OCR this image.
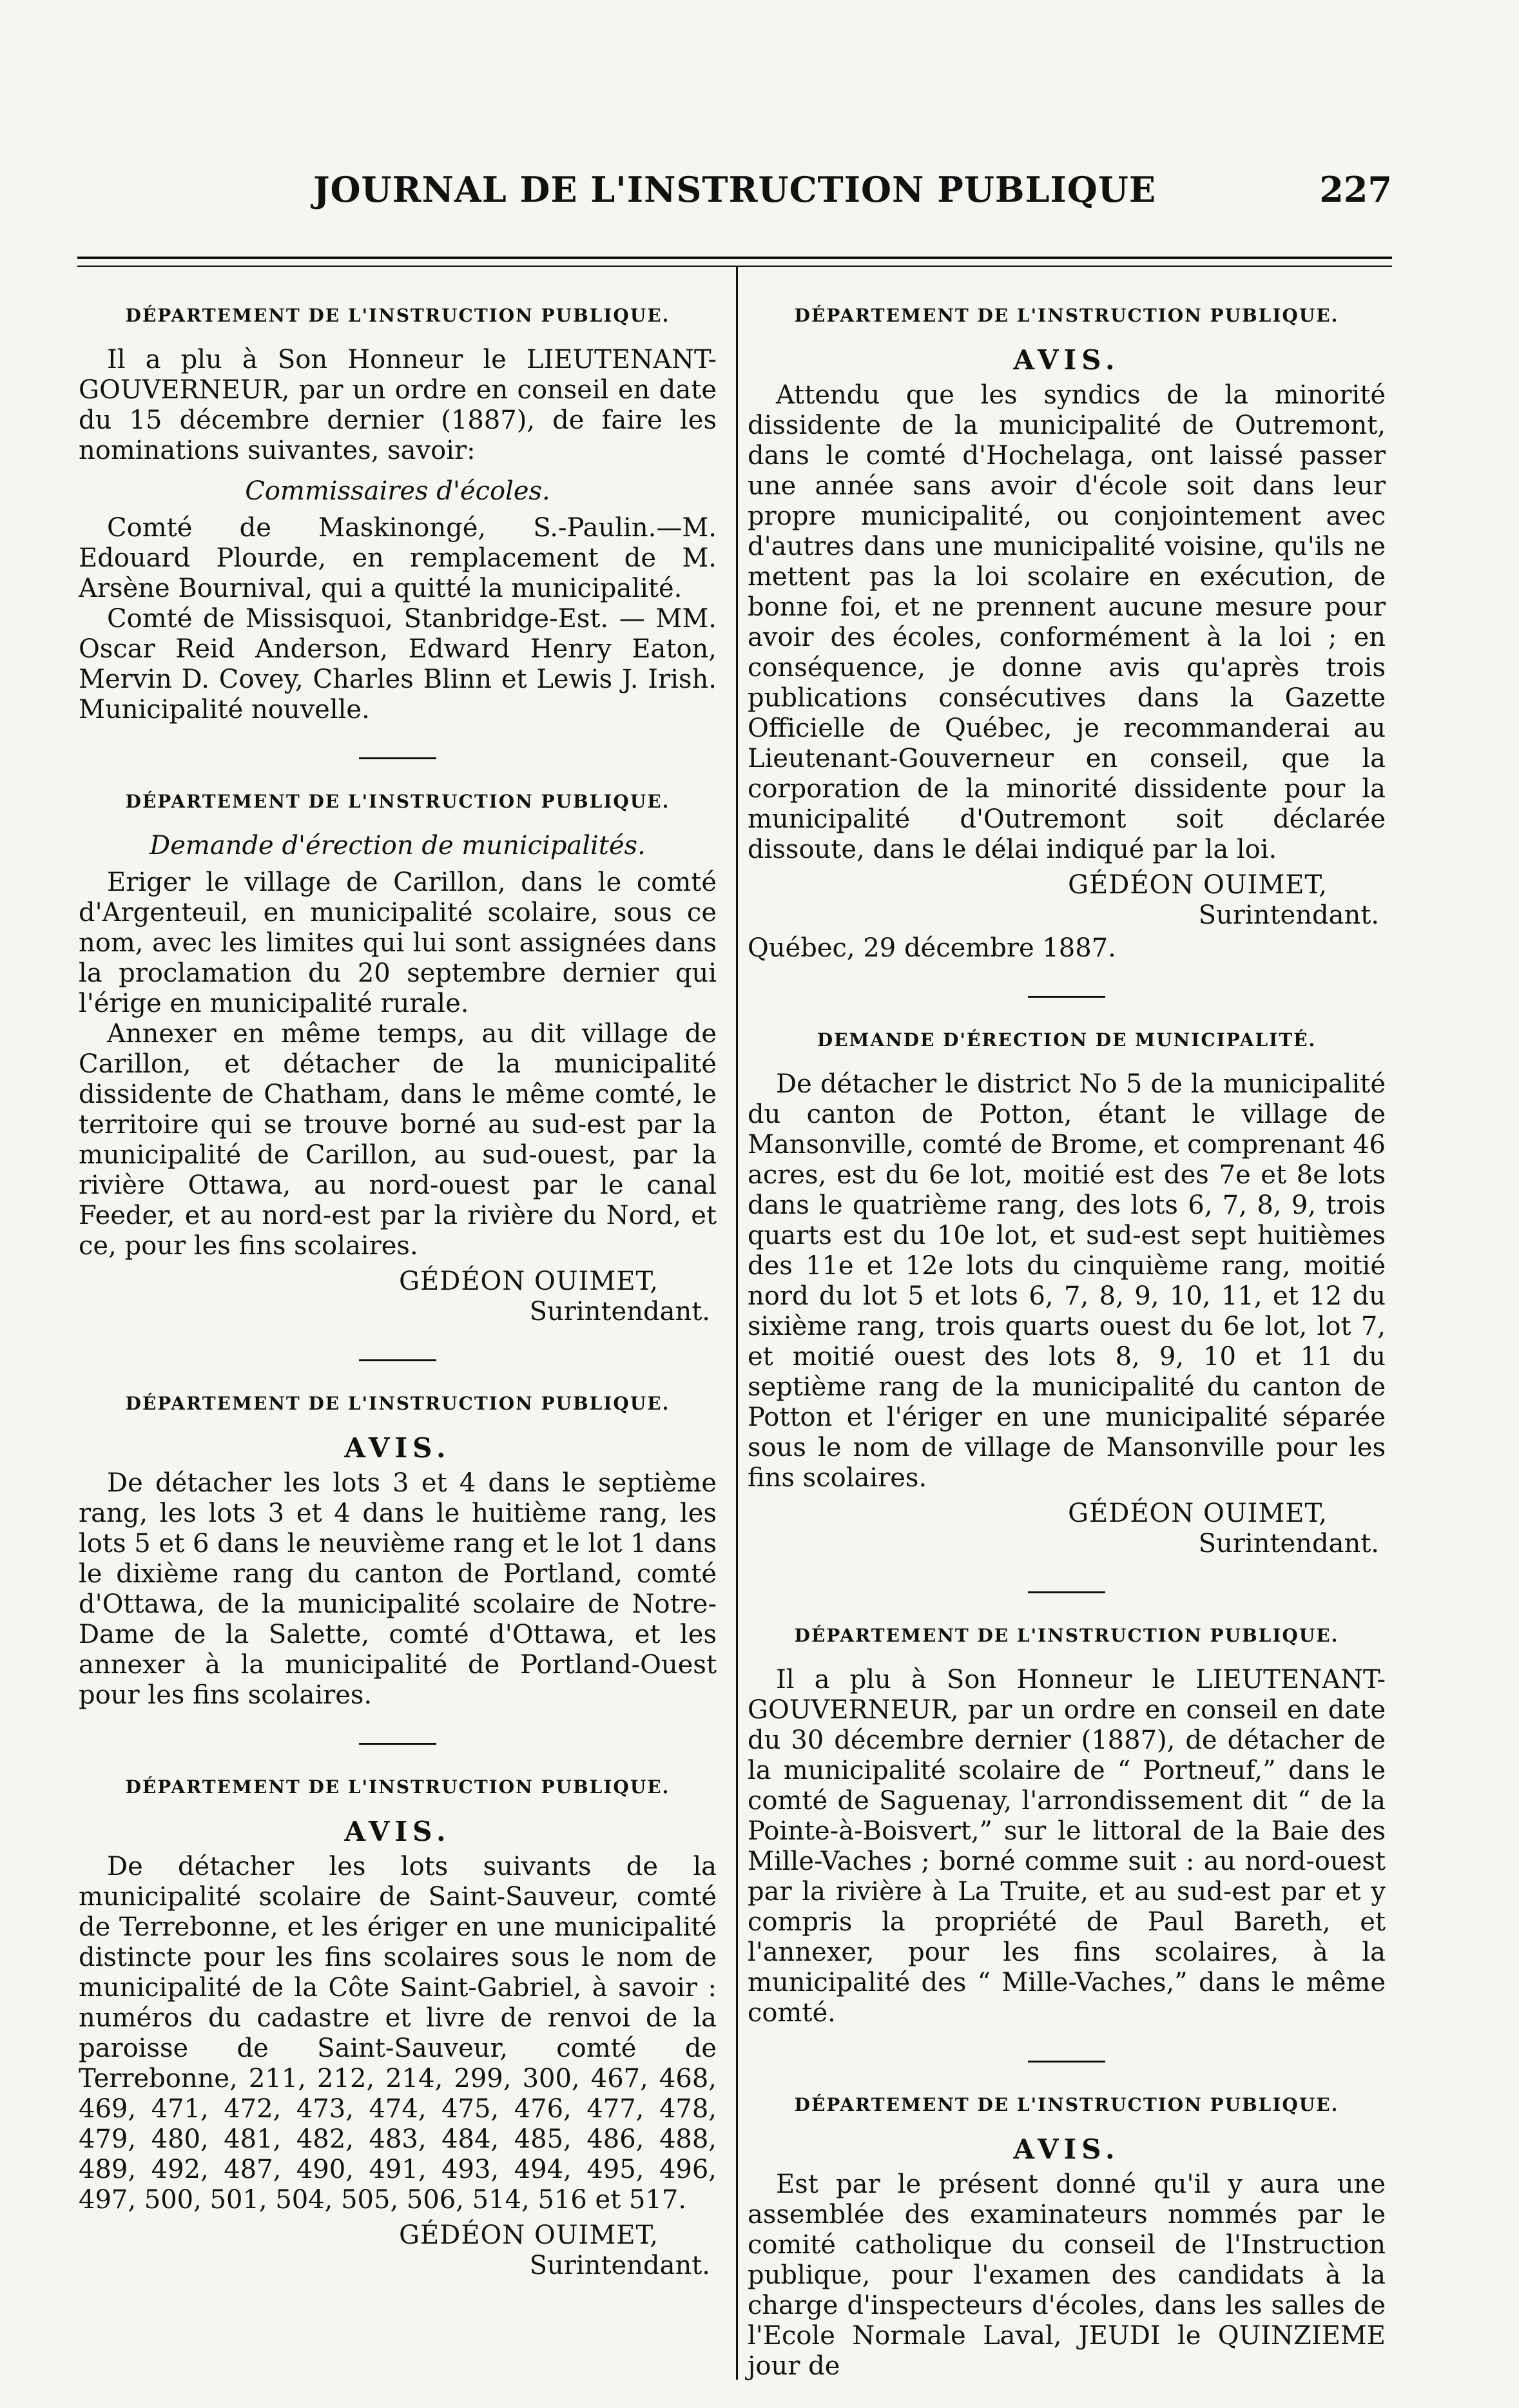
JOURNAL DE L'INSTRUCTION PUBLIQUE	227
DÉPARTEMENT DE L'INSTRUCTION PUBLIQUE.

Il a plu à Son Honneur le LIEUTENANT-GOUVERNEUR, par un ordre en conseil en date du 15 décembre dernier (1887), de faire les nominations suivantes, savoir:

Commissaires d'écoles.

Comté de Maskinongé, S.-Paulin.—M. Edouard Plourde, en remplacement de M. Arsène Bournival, qui a quitté la municipalité.

Comté de Missisquoi, Stanbridge-Est. — MM. Oscar Reid Anderson, Edward Henry Eaton, Mervin D. Covey, Charles Blinn et Lewis J. Irish. Municipalité nouvelle.

DÉPARTEMENT DE L'INSTRUCTION PUBLIQUE.
Demande d'érection de municipalités.

Eriger le village de Carillon, dans le comté d'Argenteuil, en municipalité scolaire, sous ce nom, avec les limites qui lui sont assignées dans la proclamation du 20 septembre dernier qui l'érige en municipalité rurale.

Annexer en même temps, au dit village de Carillon, et détacher de la municipalité dissidente de Chatham, dans le même comté, le territoire qui se trouve borné au sud-est par la municipalité de Carillon, au sud-ouest, par la rivière Ottawa, au nord-ouest par le canal Feeder, et au nord-est par la rivière du Nord, et ce, pour les fins scolaires.

GÉDÉON OUIMET,
Surintendant.
DÉPARTEMENT DE L'INSTRUCTION PUBLIQUE.
AVIS.

De détacher les lots 3 et 4 dans le septième rang, les lots 3 et 4 dans le huitième rang, les lots 5 et 6 dans le neuvième rang et le lot 1 dans le dixième rang du canton de Portland, comté d'Ottawa, de la municipalité scolaire de Notre-Dame de la Salette, comté d'Ottawa, et les annexer à la municipalité de Portland-Ouest pour les fins scolaires.

DÉPARTEMENT DE L'INSTRUCTION PUBLIQUE.
AVIS.

De détacher les lots suivants de la municipalité scolaire de Saint-Sauveur, comté de Terrebonne, et les ériger en une municipalité distincte pour les fins scolaires sous le nom de municipalité de la Côte Saint-Gabriel, à savoir : numéros du cadastre et livre de renvoi de la paroisse de Saint-Sauveur, comté de Terrebonne, 211, 212, 214, 299, 300, 467, 468, 469, 471, 472, 473, 474, 475, 476, 477, 478, 479, 480, 481, 482, 483, 484, 485, 486, 488, 489, 492, 487, 490, 491, 493, 494, 495, 496, 497, 500, 501, 504, 505, 506, 514, 516 et 517.

GÉDÉON OUIMET,
Surintendant.
DÉPARTEMENT DE L'INSTRUCTION PUBLIQUE.
AVIS.

Attendu que les syndics de la minorité dissidente de la municipalité de Outremont, dans le comté d'Hochelaga, ont laissé passer une année sans avoir d'école soit dans leur propre municipalité, ou conjointement avec d'autres dans une municipalité voisine, qu'ils ne mettent pas la loi scolaire en exécution, de bonne foi, et ne prennent aucune mesure pour avoir des écoles, conformément à la loi ; en conséquence, je donne avis qu'après trois publications consécutives dans la Gazette Officielle de Québec, je recommanderai au Lieutenant-Gouverneur en conseil, que la corporation de la minorité dissidente pour la municipalité d'Outremont soit déclarée dissoute, dans le délai indiqué par la loi.

GÉDÉON OUIMET,
Surintendant.

Québec, 29 décembre 1887.

DEMANDE D'ÉRECTION DE MUNICIPALITÉ.

De détacher le district No 5 de la municipalité du canton de Potton, étant le village de Mansonville, comté de Brome, et comprenant 46 acres, est du 6e lot, moitié est des 7e et 8e lots dans le quatrième rang, des lots 6, 7, 8, 9, trois quarts est du 10e lot, et sud-est sept huitièmes des 11e et 12e lots du cinquième rang, moitié nord du lot 5 et lots 6, 7, 8, 9, 10, 11, et 12 du sixième rang, trois quarts ouest du 6e lot, lot 7, et moitié ouest des lots 8, 9, 10 et 11 du septième rang de la municipalité du canton de Potton et l'ériger en une municipalité séparée sous le nom de village de Mansonville pour les fins scolaires.

GÉDÉON OUIMET,
Surintendant.
DÉPARTEMENT DE L'INSTRUCTION PUBLIQUE.

Il a plu à Son Honneur le LIEUTENANT-GOUVERNEUR, par un ordre en conseil en date du 30 décembre dernier (1887), de détacher de la municipalité scolaire de “ Portneuf,” dans le comté de Saguenay, l'arrondissement dit “ de la Pointe-à-Boisvert,” sur le littoral de la Baie des Mille-Vaches ; borné comme suit : au nord-ouest par la rivière à La Truite, et au sud-est par et y compris la propriété de Paul Bareth, et l'annexer, pour les fins scolaires, à la municipalité des “ Mille-Vaches,” dans le même comté.

DÉPARTEMENT DE L'INSTRUCTION PUBLIQUE.
AVIS.

Est par le présent donné qu'il y aura une assemblée des examinateurs nommés par le comité catholique du conseil de l'Instruction publique, pour l'examen des candidats à la charge d'inspecteurs d'écoles, dans les salles de l'Ecole Normale Laval, JEUDI le QUINZIEME jour de
